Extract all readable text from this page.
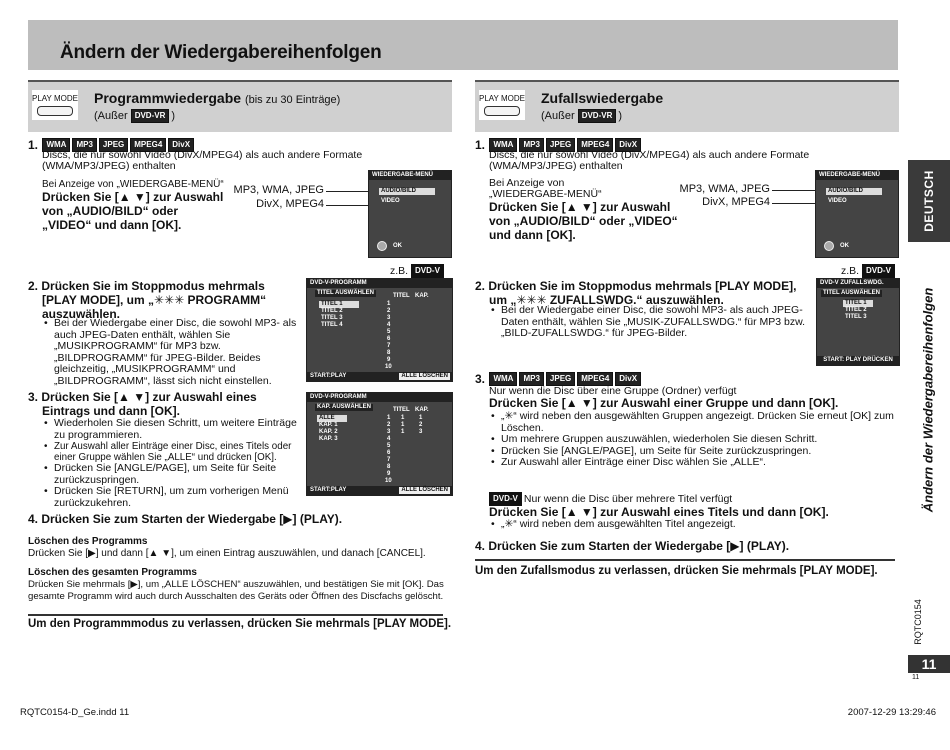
Ändern der Wiedergabereihenfolgen
PLAY MODE Programmwiedergabe (bis zu 30 Einträge)
(Außer DVD-VR )
1. WMA MP3 JPEG MPEG4 DivX
Discs, die nur sowohl Video (DivX/MPEG4) als auch andere Formate
(WMA/MP3/JPEG) enthalten
Bei Anzeige von „WIEDERGABE-MENÜ“
Drücken Sie [▲ ▼] zur Auswahl
von „AUDIO/BILD“ oder
„VIDEO“ und dann [OK].
MP3, WMA, JPEG
DivX, MPEG4
WIEDERGABE-MENÜ
AUDIO/BILD
VIDEO
OK
z.B. DVD-V
2. Drücken Sie im Stoppmodus mehrmals
[PLAY MODE], um „✳✳✳ PROGRAMM“
auszuwählen.
• Bei der Wiedergabe einer Disc, die sowohl MP3- als auch JPEG-Daten enthält, wählen Sie „MUSIKPROGRAMM“ für MP3 bzw. „BILDPROGRAMM“ für JPEG-Bilder. Beides gleichzeitig, „MUSIKPROGRAMM“ und „BILDPROGRAMM“, lässt sich nicht einstellen.
DVD-V-PROGRAMM
TITEL AUSWÄHLEN
TITEL 1
TITEL 2
TITEL 3
TITEL 4
TITEL KAP.
1
2
3
4
5
6
7
8
9
10
START:PLAY	ALLE LÖSCHEN
3. Drücken Sie [▲ ▼] zur Auswahl eines
Eintrags und dann [OK].
• Wiederholen Sie diesen Schritt, um weitere Einträge zu programmieren.
• Zur Auswahl aller Einträge einer Disc, eines Titels oder einer Gruppe wählen Sie „ALLE“ und drücken [OK].
• Drücken Sie [ANGLE/PAGE], um Seite für Seite zurückzuspringen.
• Drücken Sie [RETURN], um zum vorherigen Menü zurückzukehren.
DVD-V-PROGRAMM
KAP. AUSWÄHLEN
ALLE
KAP. 1
KAP. 2
KAP. 3
TITEL KAP.
1	1	1
2	1	2
3	1	3
4
5
6
7
8
9
10
START:PLAY	ALLE LÖSCHEN
4. Drücken Sie zum Starten der Wiedergabe [▶] (PLAY).
Löschen des Programms
Drücken Sie [▶] und dann [▲ ▼], um einen Eintrag auszuwählen, und danach [CANCEL].
Löschen des gesamten Programms
Drücken Sie mehrmals [▶], um „ALLE LÖSCHEN“ auszuwählen, und bestätigen Sie mit [OK]. Das
gesamte Programm wird auch durch Ausschalten des Geräts oder Öffnen des Discfachs gelöscht.
Um den Programmmodus zu verlassen, drücken Sie mehrmals [PLAY MODE].
PLAY MODE Zufallswiedergabe
(Außer DVD-VR )
1. WMA MP3 JPEG MPEG4 DivX
Discs, die nur sowohl Video (DivX/MPEG4) als auch andere Formate
(WMA/MP3/JPEG) enthalten
Bei Anzeige von
„WIEDERGABE-MENÜ“
Drücken Sie [▲ ▼] zur Auswahl
von „AUDIO/BILD“ oder „VIDEO“
und dann [OK].
MP3, WMA, JPEG
DivX, MPEG4
WIEDERGABE-MENÜ
AUDIO/BILD
VIDEO
OK
z.B. DVD-V
2. Drücken Sie im Stoppmodus mehrmals [PLAY MODE],
um „✳✳✳ ZUFALLSWDG.“ auszuwählen.
• Bei der Wiedergabe einer Disc, die sowohl MP3- als auch JPEG-Daten enthält, wählen Sie „MUSIK-ZUFALLSWDG.“ für MP3 bzw. „BILD-ZUFALLSWDG.“ für JPEG-Bilder.
DVD-V ZUFALLSWDG.
TITEL AUSWÄHLEN
TITEL 1
TITEL 2
TITEL 3
START: PLAY DRÜCKEN
3. WMA MP3 JPEG MPEG4 DivX
Nur wenn die Disc über eine Gruppe (Ordner) verfügt
Drücken Sie [▲ ▼] zur Auswahl einer Gruppe und dann [OK].
• „✳“ wird neben den ausgewählten Gruppen angezeigt. Drücken Sie erneut [OK] zum Löschen.
• Um mehrere Gruppen auszuwählen, wiederholen Sie diesen Schritt.
• Drücken Sie [ANGLE/PAGE], um Seite für Seite zurückzuspringen.
• Zur Auswahl aller Einträge einer Disc wählen Sie „ALLE“.
DVD-V Nur wenn die Disc über mehrere Titel verfügt
Drücken Sie [▲ ▼] zur Auswahl eines Titels und dann [OK].
• „✳“ wird neben dem ausgewählten Titel angezeigt.
4. Drücken Sie zum Starten der Wiedergabe [▶] (PLAY).
Um den Zufallsmodus zu verlassen, drücken Sie mehrmals [PLAY MODE].
DEUTSCH
Ändern der Wiedergabereihenfolgen
RQTC0154
11
11
RQTC0154-D_Ge.indd 11	2007-12-29 13:29:46
